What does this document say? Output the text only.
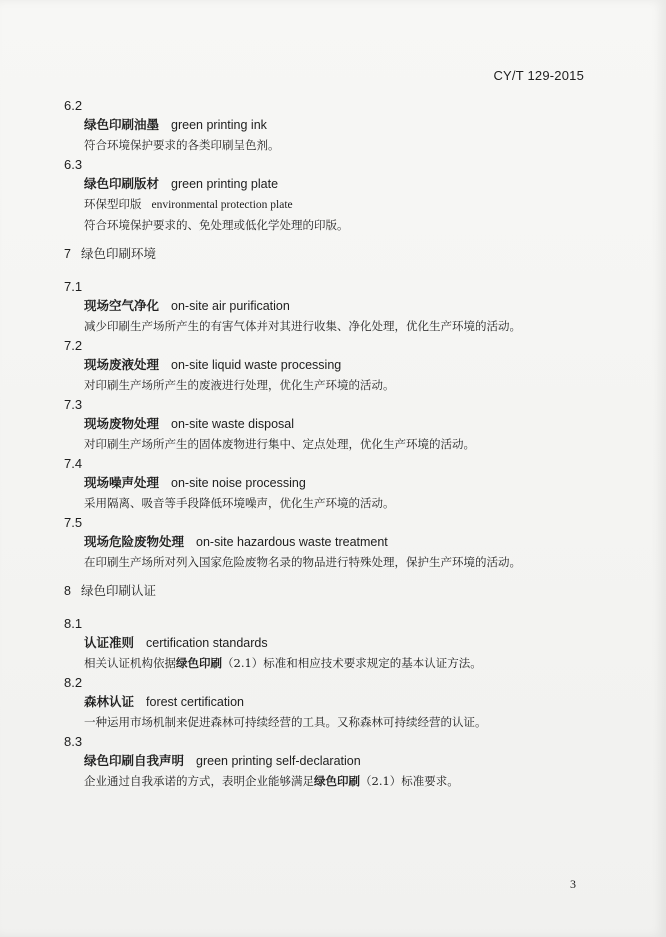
CY/T 129-2015
6.2
绿色印刷油墨 green printing ink
符合环境保护要求的各类印刷呈色剂。
6.3
绿色印刷版材 green printing plate
环保型印版 environmental protection plate
符合环境保护要求的、免处理或低化学处理的印版。
7 绿色印刷环境
7.1
现场空气净化 on-site air purification
减少印刷生产场所产生的有害气体并对其进行收集、净化处理，优化生产环境的活动。
7.2
现场废液处理 on-site liquid waste processing
对印刷生产场所产生的废液进行处理，优化生产环境的活动。
7.3
现场废物处理 on-site waste disposal
对印刷生产场所产生的固体废物进行集中、定点处理，优化生产环境的活动。
7.4
现场噪声处理 on-site noise processing
采用隔离、吸音等手段降低环境噪声，优化生产环境的活动。
7.5
现场危险废物处理 on-site hazardous waste treatment
在印刷生产场所对列入国家危险废物名录的物品进行特殊处理，保护生产环境的活动。
8 绿色印刷认证
8.1
认证准则 certification standards
相关认证机构依据绿色印刷（2.1）标准和相应技术要求规定的基本认证方法。
8.2
森林认证 forest certification
一种运用市场机制来促进森林可持续经营的工具。又称森林可持续经营的认证。
8.3
绿色印刷自我声明 green printing self-declaration
企业通过自我承诺的方式，表明企业能够满足绿色印刷（2.1）标准要求。
3
